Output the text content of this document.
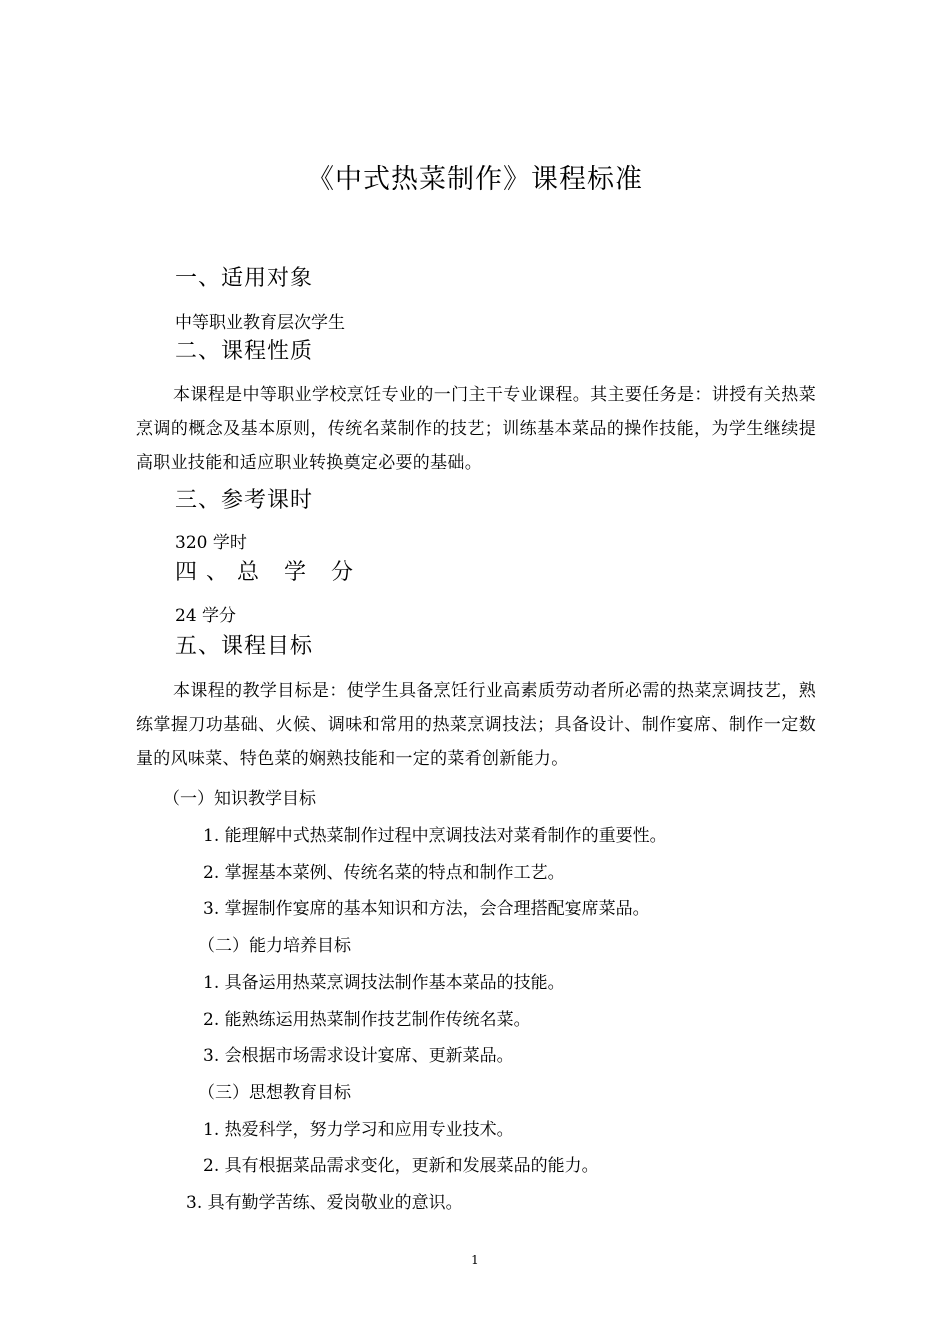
《中式热菜制作》课程标准
一、适用对象
中等职业教育层次学生
二、课程性质
本课程是中等职业学校烹饪专业的一门主干专业课程。其主要任务是：讲授有关热菜烹调的概念及基本原则，传统名菜制作的技艺；训练基本菜品的操作技能，为学生继续提高职业技能和适应职业转换奠定必要的基础。
三、参考课时
320 学时
四、总 学 分
24 学分
五、课程目标
本课程的教学目标是：使学生具备烹饪行业高素质劳动者所必需的热菜烹调技艺，熟练掌握刀功基础、火候、调味和常用的热菜烹调技法；具备设计、制作宴席、制作一定数量的风味菜、特色菜的娴熟技能和一定的菜肴创新能力。
（一）知识教学目标
1. 能理解中式热菜制作过程中烹调技法对菜肴制作的重要性。
2. 掌握基本菜例、传统名菜的特点和制作工艺。
3. 掌握制作宴席的基本知识和方法，会合理搭配宴席菜品。
（二）能力培养目标
1. 具备运用热菜烹调技法制作基本菜品的技能。
2. 能熟练运用热菜制作技艺制作传统名菜。
3. 会根据市场需求设计宴席、更新菜品。
（三）思想教育目标
1. 热爱科学，努力学习和应用专业技术。
2. 具有根据菜品需求变化，更新和发展菜品的能力。
3. 具有勤学苦练、爱岗敬业的意识。
1
